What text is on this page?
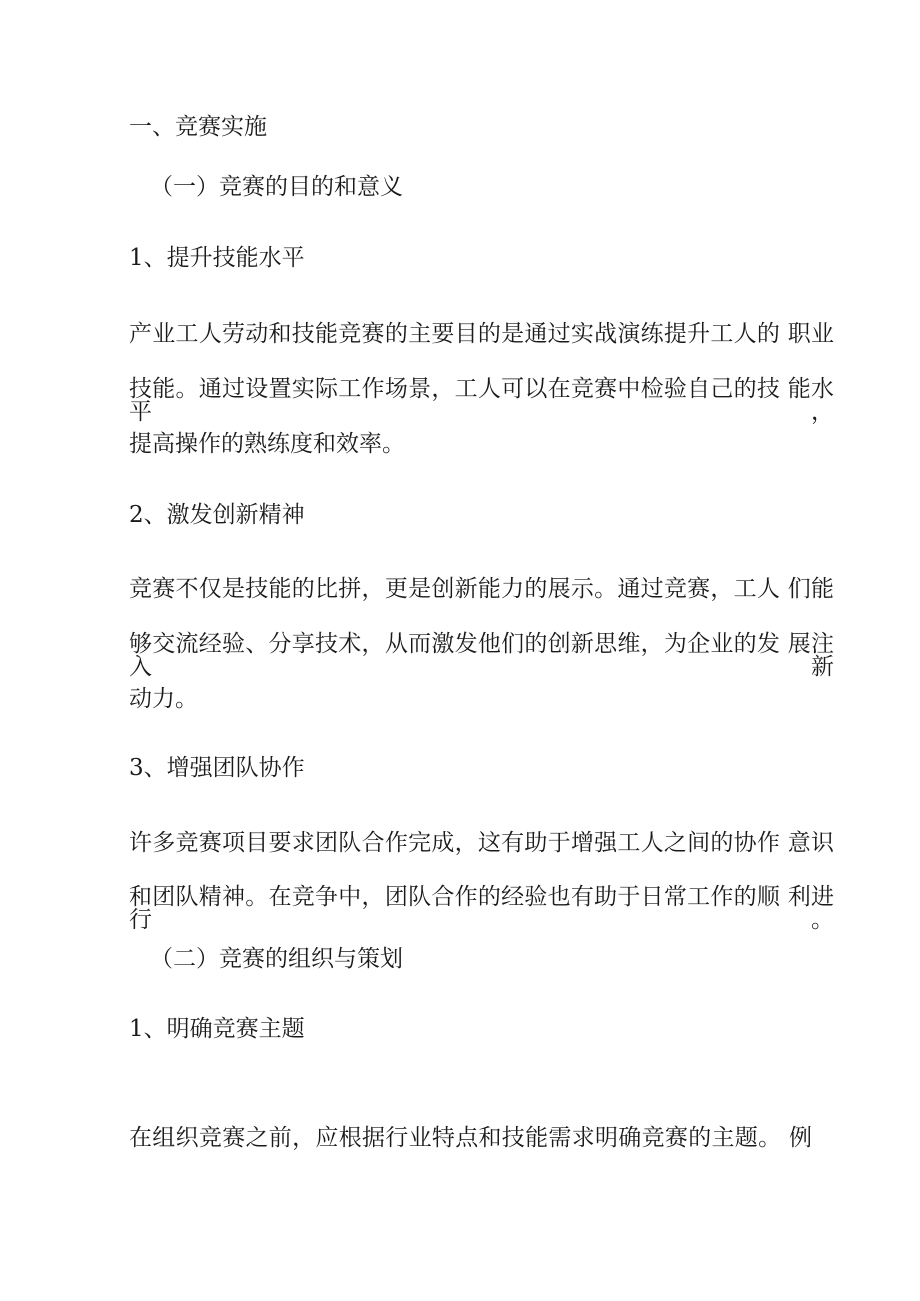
一、竞赛实施
（一）竞赛的目的和意义
1、提升技能水平

产业工人劳动和技能竞赛的主要目的是通过实战演练提升工人的 职业

技能。通过设置实际工作场景，工人可以在竞赛中检验自己的技 能水平，

提高操作的熟练度和效率。

2、激发创新精神

竞赛不仅是技能的比拼，更是创新能力的展示。通过竞赛，工人 们能

够交流经验、分享技术，从而激发他们的创新思维，为企业的发 展注入新

动力。

3、增强团队协作

许多竞赛项目要求团队合作完成，这有助于增强工人之间的协作 意识

和团队精神。在竞争中，团队合作的经验也有助于日常工作的顺 利进行。

（二）竞赛的组织与策划
1、明确竞赛主题

在组织竞赛之前，应根据行业特点和技能需求明确竞赛的主题。 例
